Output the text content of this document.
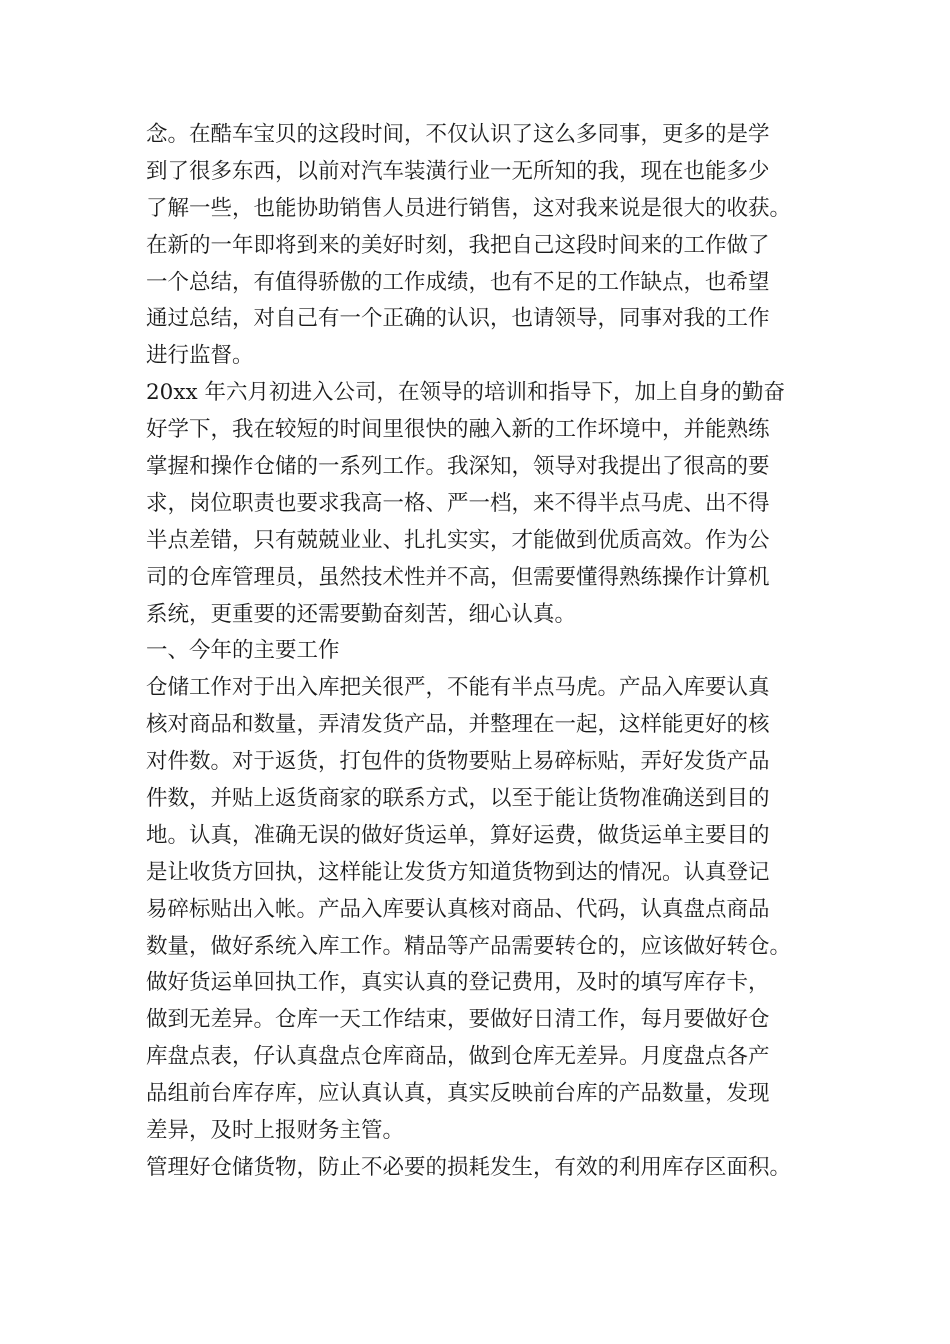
念。在酷车宝贝的这段时间，不仅认识了这么多同事，更多的是学
到了很多东西，以前对汽车装潢行业一无所知的我，现在也能多少
了解一些，也能协助销售人员进行销售，这对我来说是很大的收获。
在新的一年即将到来的美好时刻，我把自己这段时间来的工作做了
一个总结，有值得骄傲的工作成绩，也有不足的工作缺点，也希望
通过总结，对自己有一个正确的认识，也请领导，同事对我的工作
进行监督。
20xx 年六月初进入公司，在领导的培训和指导下，加上自身的勤奋
好学下，我在较短的时间里很快的融入新的工作坏境中，并能熟练
掌握和操作仓储的一系列工作。我深知，领导对我提出了很高的要
求，岗位职责也要求我高一格、严一档，来不得半点马虎、出不得
半点差错，只有兢兢业业、扎扎实实，才能做到优质高效。作为公
司的仓库管理员，虽然技术性并不高，但需要懂得熟练操作计算机
系统，更重要的还需要勤奋刻苦，细心认真。
一、今年的主要工作
仓储工作对于出入库把关很严，不能有半点马虎。产品入库要认真
核对商品和数量，弄清发货产品，并整理在一起，这样能更好的核
对件数。对于返货，打包件的货物要贴上易碎标贴，弄好发货产品
件数，并贴上返货商家的联系方式，以至于能让货物准确送到目的
地。认真，准确无误的做好货运单，算好运费，做货运单主要目的
是让收货方回执，这样能让发货方知道货物到达的情况。认真登记
易碎标贴出入帐。产品入库要认真核对商品、代码，认真盘点商品
数量，做好系统入库工作。精品等产品需要转仓的，应该做好转仓。
做好货运单回执工作，真实认真的登记费用，及时的填写库存卡，
做到无差异。仓库一天工作结束，要做好日清工作，每月要做好仓
库盘点表，仔认真盘点仓库商品，做到仓库无差异。月度盘点各产
品组前台库存库，应认真认真，真实反映前台库的产品数量，发现
差异，及时上报财务主管。
管理好仓储货物，防止不必要的损耗发生，有效的利用库存区面积。
